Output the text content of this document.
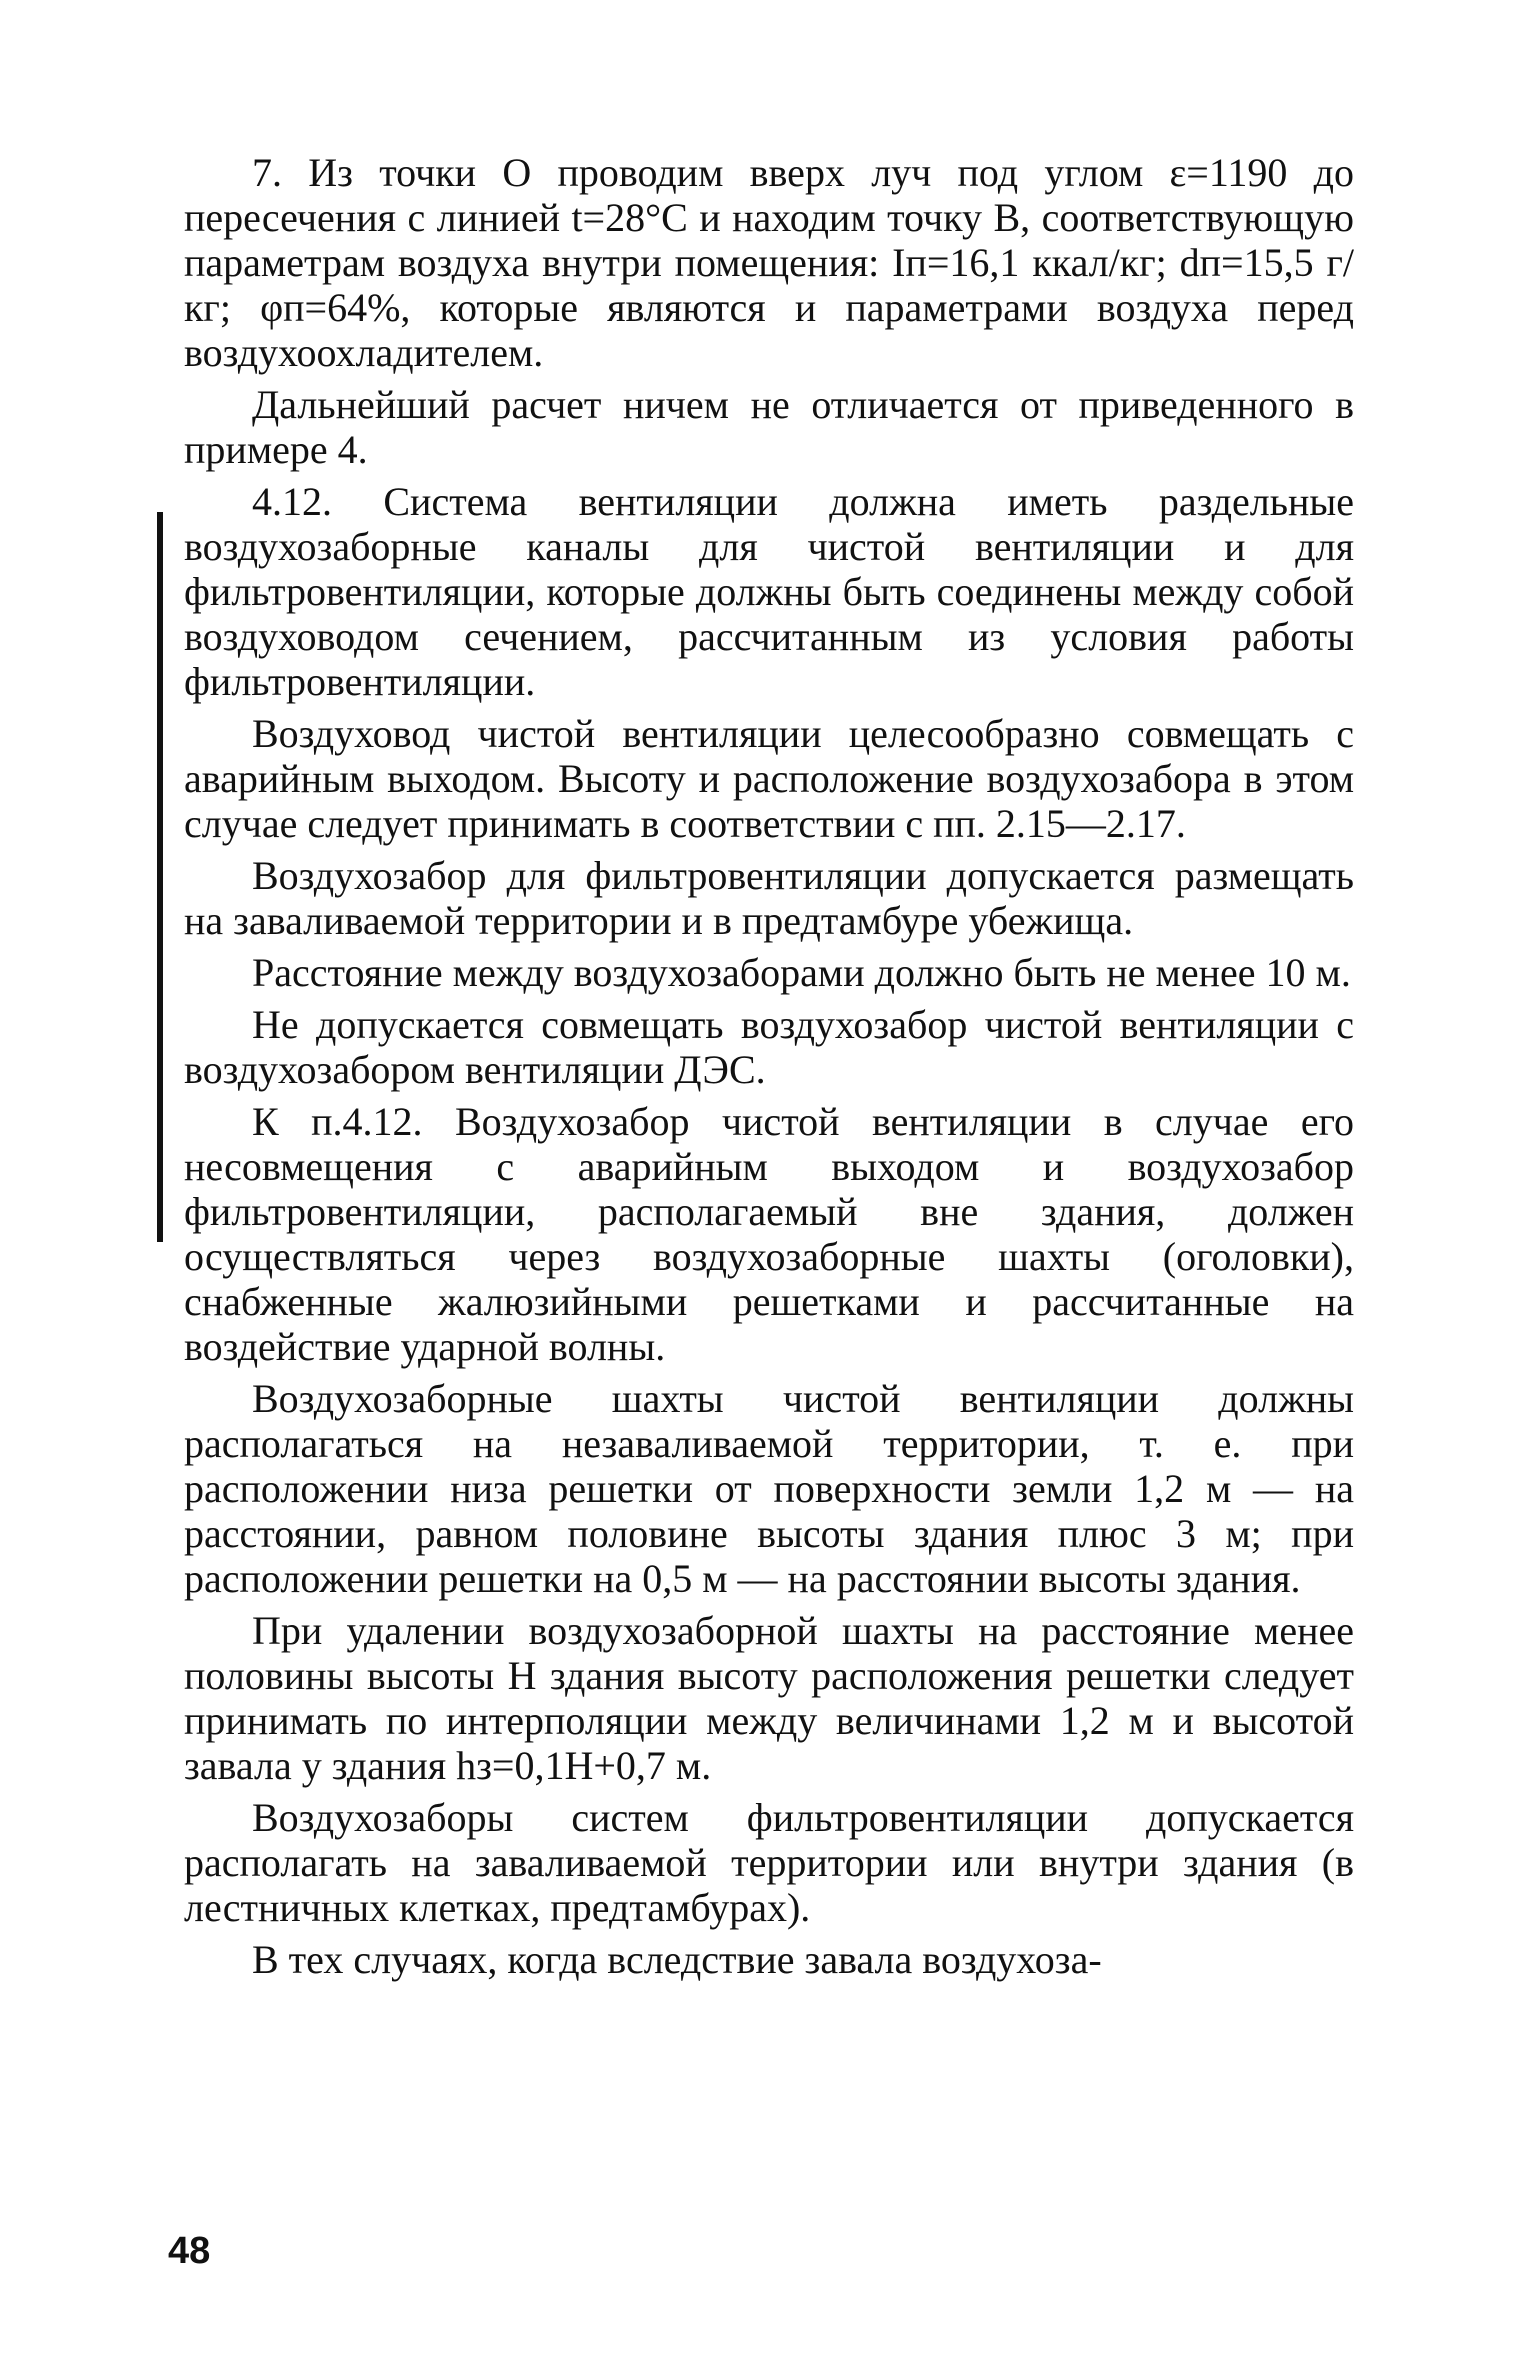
7. Из точки O проводим вверх луч под углом ε=1190 до пересечения с линией t=28°C и находим точку B, соответствующую параметрам воздуха внутри помещения: Iп=16,1 ккал/кг; dп=15,5 г/кг; φп=64%, которые являются и параметрами воздуха перед воздухоохладителем.

Дальнейший расчет ничем не отличается от приведенного в примере 4.

4.12. Система вентиляции должна иметь раздельные воздухозаборные каналы для чистой вентиляции и для фильтровентиляции, которые должны быть соединены между собой воздуховодом сечением, рассчитанным из условия работы фильтровентиляции.

Воздуховод чистой вентиляции целесообразно совмещать с аварийным выходом. Высоту и расположение воздухозабора в этом случае следует принимать в соответствии с пп. 2.15—2.17.

Воздухозабор для фильтровентиляции допускается размещать на заваливаемой территории и в предтамбуре убежища.

Расстояние между воздухозаборами должно быть не менее 10 м.

Не допускается совмещать воздухозабор чистой вентиляции с воздухозабором вентиляции ДЭС.

К п.4.12. Воздухозабор чистой вентиляции в случае его несовмещения с аварийным выходом и воздухозабор фильтровентиляции, располагаемый вне здания, должен осуществляться через воздухозаборные шахты (оголовки), снабженные жалюзийными решетками и рассчитанные на воздействие ударной волны.

Воздухозаборные шахты чистой вентиляции должны располагаться на незаваливаемой территории, т. е. при расположении низа решетки от поверхности земли 1,2 м — на расстоянии, равном половине высоты здания плюс 3 м; при расположении решетки на 0,5 м — на расстоянии высоты здания.

При удалении воздухозаборной шахты на расстояние менее половины высоты H здания высоту расположения решетки следует принимать по интерполяции между величинами 1,2 м и высотой завала у здания hз=0,1H+0,7 м.

Воздухозаборы систем фильтровентиляции допускается располагать на заваливаемой территории или внутри здания (в лестничных клетках, предтамбурах).

В тех случаях, когда вследствие завала воздухоза-

48
